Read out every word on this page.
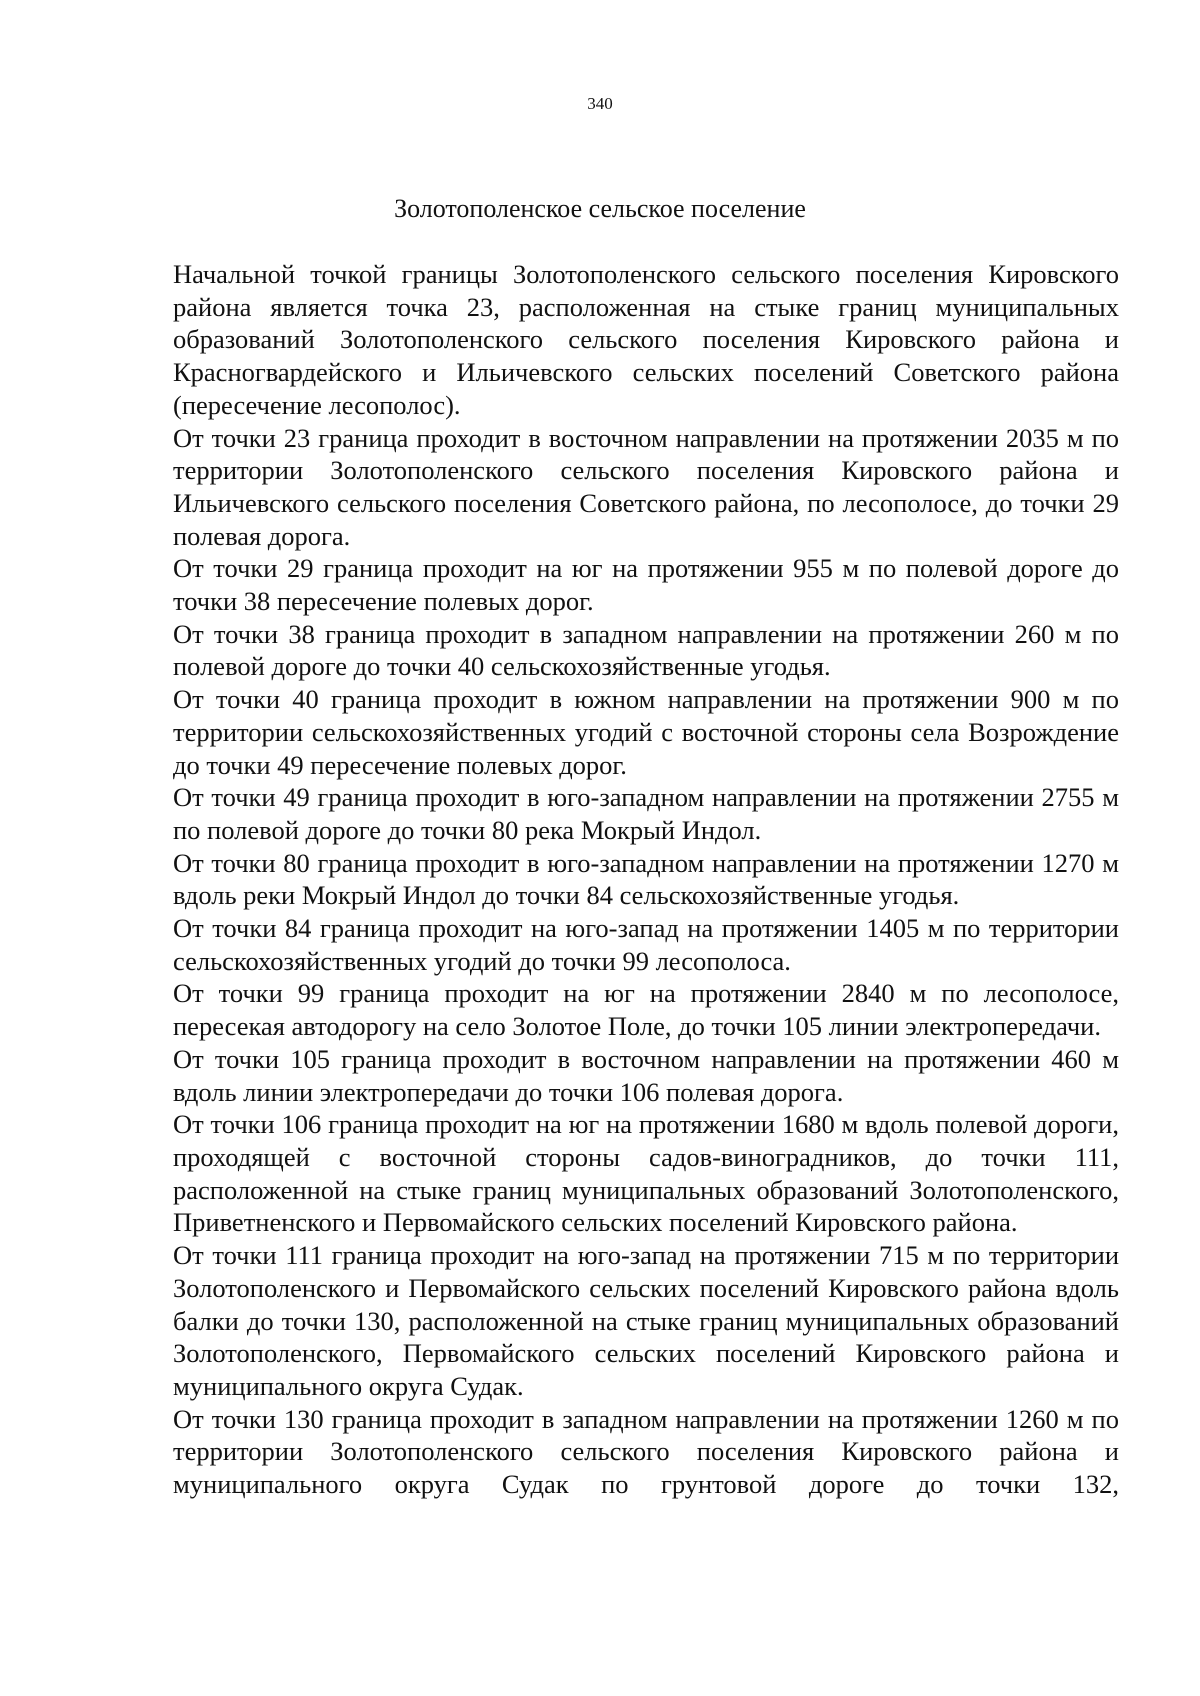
340
Золотополенское сельское поселение

Начальной точкой границы Золотополенского сельского поселения Кировского района является точка 23, расположенная на стыке границ муниципальных образований Золотополенского сельского поселения Кировского района и Красногвардейского и Ильичевского сельских поселений Советского района (пересечение лесополос).

От точки 23 граница проходит в восточном направлении на протяжении 2035 м по территории Золотополенского сельского поселения Кировского района и Ильичевского сельского поселения Советского района, по лесополосе, до точки 29 полевая дорога.

От точки 29 граница проходит на юг на протяжении 955 м по полевой дороге до точки 38 пересечение полевых дорог.

От точки 38 граница проходит в западном направлении на протяжении 260 м по полевой дороге до точки 40 сельскохозяйственные угодья.

От точки 40 граница проходит в южном направлении на протяжении 900 м по территории сельскохозяйственных угодий с восточной стороны села Возрождение до точки 49 пересечение полевых дорог.

От точки 49 граница проходит в юго-западном направлении на протяжении 2755 м по полевой дороге до точки 80 река Мокрый Индол.

От точки 80 граница проходит в юго-западном направлении на протяжении 1270 м вдоль реки Мокрый Индол до точки 84 сельскохозяйственные угодья.

От точки 84 граница проходит на юго-запад на протяжении 1405 м по территории сельскохозяйственных угодий до точки 99 лесополоса.

От точки 99 граница проходит на юг на протяжении 2840 м по лесополосе, пересекая автодорогу на село Золотое Поле, до точки 105 линии электропередачи.

От точки 105 граница проходит в восточном направлении на протяжении 460 м вдоль линии электропередачи до точки 106 полевая дорога.

От точки 106 граница проходит на юг на протяжении 1680 м вдоль полевой дороги, проходящей с восточной стороны садов-виноградников, до точки 111, расположенной на стыке границ муниципальных образований Золотополенского, Приветненского и Первомайского сельских поселений Кировского района.

От точки 111 граница проходит на юго-запад на протяжении 715 м по территории Золотополенского и Первомайского сельских поселений Кировского района вдоль балки до точки 130, расположенной на стыке границ муниципальных образований Золотополенского, Первомайского сельских поселений Кировского района и муниципального округа Судак.

От точки 130 граница проходит в западном направлении на протяжении 1260 м по территории Золотополенского сельского поселения Кировского района и муниципального округа Судак по грунтовой дороге до точки 132,
